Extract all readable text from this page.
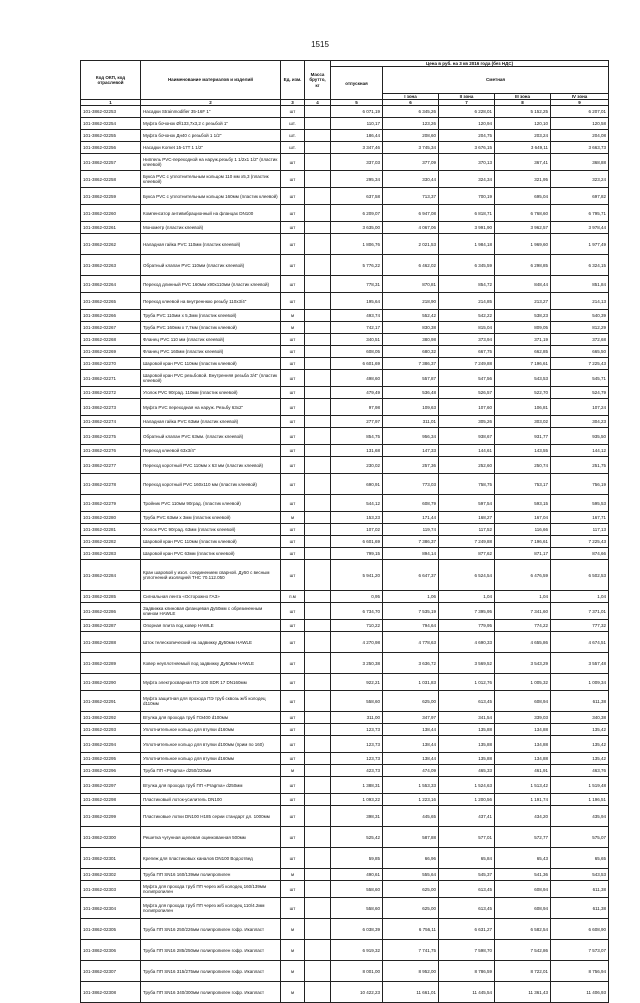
1515
Код ОКП, код отраслевой	Наименование материалов и изделий	Ед. изм.	Масса брутто, кг	Цена в руб. на 3 кв 2016 года (без НДС)				
				отпускная	Сметная			
					I зона	II зона	III зона	IV зона
1	2	3	4	5	6	7	8	9
101-3862-02253	Насадки Strainmodifier 35-16F 1"	шт		6 071,19	6 345,26	6 228,01	5 152,25	6 207,01
101-3862-02254	Муфта бочонок Ø/133,7x3,2 с резьбой 1"	шт.		110,17	123,26	120,94	120,10	120,58
101-3862-02255	Муфта бочонок Дн40 с резьбой 1 1/2"	шт.		186,44	208,60	204,75	203,24	204,08
101-3862-02256	Насадки Komet 15-17T 1 1/2"	шт.		3 347,46	3 745,34	3 676,15	3 649,11	3 663,73
101-3862-02257	Ниппель PVC-переходной на наруж.резьбу 1 1/2x1 1/2" (пластик клеевой)	шт		337,03	377,09	370,13	367,41	368,88
101-3862-02258	Букса PVC с уплотнительным кольцом 110 мм x5,3 (пластик клеевой)	шт		295,34	330,44	324,34	321,95	323,24
101-3862-02259	Букса PVC с уплотнительным кольцом 160мм (пластик клеевой)	шт		637,58	713,37	700,19	695,04	697,82
101-3862-02260	Компенсатор антивибрационный на фланцах DN100	шт		6 209,07	6 947,08	6 818,71	6 768,60	6 795,71
101-3862-02261	Монометр (пластик клеевой)	шт		3 635,00	4 067,06	3 991,90	3 962,57	3 978,44
101-3862-02262	Наладная гайка PVC 110мм (пластик клеевой)	шт		1 806,76	2 021,53	1 984,18	1 969,60	1 977,49
101-3862-02263	Обратный клапан PVC 110мм (пластик клеевой)	шт		5 776,22	6 462,02	6 345,59	6 298,85	6 324,15
101-3862-02264	Переход длинный PVC 160мм x90x110мм (пластик клеевой)	шт		778,31	870,81	854,72	848,44	851,84
101-3862-02265	Переход клеевой на внутреннюю резьбу 110x3/4"	шт		195,64	218,90	214,85	213,27	214,13
101-3862-02266	Труба PVC 110мм x 5,3мм (пластик клеевой)	м		493,74	552,42	542,22	538,23	540,39
101-3862-02267	Труба PVC 160мм x 7,7мм (пластик клеевой)	м		742,17	830,38	815,04	809,05	812,29
101-3862-02268	Фланец PVC 110 мм (пластик клеевой)	шт		340,51	380,98	373,94	371,19	372,68
101-3862-02269	Фланец PVC 160мм (пластик клеевой)	шт		608,05	680,32	667,75	662,85	665,50
101-3862-02270	Шаровой кран PVC 110мм (пластик клеевой)	шт		6 601,69	7 386,37	7 249,88	7 196,61	7 225,43
101-3862-02271	Шаровой кран PVC резьбовой. Внутренняя резьба 3/4" (пластик клеевой)	шт		498,60	557,87	547,56	543,53	545,71
101-3862-02272	Уголок PVC 90град. 110мм (пластик клеевой)	шт		479,49	536,48	526,57	522,70	524,79
101-3862-02273	Муфта PVC переходная на наруж. Резьбу 63x2"	шт		97,98	109,63	107,60	106,81	107,24
101-3862-02274	Наладная гайка PVC 63мм (пластик клеевой)	шт		277,97	311,01	305,26	303,02	304,23
101-3862-02275	Обратный клапан PVC 63мм. (пластик клеевой)	шт		854,75	956,34	938,67	931,77	935,50
101-3862-02276	Переход клеевой 63x3/4"	шт		131,68	147,33	144,61	143,55	144,12
101-3862-02277	Переход коротный PVC 110мм x 63 мм (пластик клеевой)	шт		230,02	257,36	252,60	250,74	251,75
101-3862-02278	Переход коротный PVC 160x110 мм (пластик клеевой)	шт		690,91	773,03	758,75	753,17	756,19
101-3862-02279	Тройник PVC 110мм 90град. (пластик клеевой)	шт		544,12	608,79	597,54	593,15	595,53
101-3862-02280	Труба PVC 63мм x 3мм (пластик клеевой)	м		153,23	171,44	168,27	167,04	167,71
101-3862-02281	Уголок PVC 90град. 63мм (пластик клеевой)	шт		107,02	119,74	117,52	116,66	117,13
101-3862-02282	Шаровой кран PVC 110мм (пластик клеевой)	шт		6 601,69	7 386,37	7 249,88	7 196,61	7 225,43
101-3862-02283	Шаровой кран PVC 63мм (пластик клеевой)	шт		799,15	894,14	877,62	871,17	874,66
101-3862-02284	Кран шаровой у изол. соединением сварной. Ду50 с весным уплотнений изоляцией ТНС 70.112.050	шт		5 941,20	6 647,37	6 524,54	6 476,59	6 502,53
101-3862-02285	Сигнальная лента «Осторожно ГАЗ»	п.м		0,95	1,06	1,04	1,04	1,04
101-3862-02286	Задвижка клиновая фланцевая Ду50мм с обрезиненным клином HAWLE	шт		6 734,70	7 535,19	7 395,95	7 341,60	7 371,01
101-3862-02287	Опорная плита под ковер HAWLE	шт		710,22	794,64	779,95	774,22	777,32
101-3862-02288	Шток телескопический на задвижку Ду50мм HAWLE	шт		4 270,98	4 778,63	4 690,33	4 655,86	4 674,51
101-3862-02289	Ковер неуплотняемый под задвижку Ду50мм HAWLE	шт		3 250,38	3 636,72	3 569,52	3 543,29	3 557,48
101-3862-02290	Муфта электросварная ПЭ 100 SDR 17 DN160мм	шт		922,21	1 031,83	1 012,76	1 005,32	1 009,34
101-3862-02291	Муфта защитная для прохода ПЭ труб сквозь ж/б колодец d110мм	шт		558,60	625,00	613,45	608,94	611,38
101-3862-02292	Втулка для прохода труб ПЭ400 d100мм	шт		311,00	347,97	341,54	339,03	340,38
101-3862-02293	Уплотнительное кольцо для втулки d160мм	шт		123,73	138,44	135,88	134,88	135,42
101-3862-02294	Уплотнительное кольцо для втулки d100мм (прим по 160)	шт		123,73	138,44	135,88	134,88	135,42
101-3862-02295	Уплотнительное кольцо для втулки d160мм	шт		123,73	138,44	135,88	134,88	135,42
101-3862-02296	Труба ПП «Pragma» d250/220мм	м		423,73	474,09	465,33	461,91	463,76
101-3862-02297	Втулка для прохода труб ПП «Pragma» d250мм	шт		1 388,31	1 553,33	1 524,63	1 513,42	1 519,48
101-3862-02298	Пластиковый лоток-усилитель DN100	шт		1 093,22	1 223,16	1 200,56	1 191,74	1 196,51
101-3862-02299	Пластиковые лотки DN100 Н185 серии стандарт дл. 1000мм	шт		398,31	445,65	437,41	434,20	435,94
101-3862-02300	Решетка чугунная щелевая оцинкованная 500мм	шт		525,42	587,88	577,01	572,77	575,07
101-3862-02301	Крепеж для пластиковых каналов DN100 Водоотвед	шт		59,85	66,96	65,84	65,43	65,65
101-3862-02302	Труба ПП SN16 160/139мм полипропилен	м		490,61	555,64	545,37	541,36	543,53
101-3862-02303	Муфта для прохода труб ПП через ж/б колодец 160/139мм полипропилен	шт		558,60	625,00	613,45	608,94	611,38
101-3862-02304	Муфта для прохода труб ПП через ж/б колодец 110/4.2мм полипропилен	шт		558,60	625,00	613,45	608,94	611,38
101-3862-02305	Труба ПП SN16 250/226мм полипропилен гофр. Икапласт	м		6 038,39	6 756,11	6 631,27	6 582,54	6 608,90
101-3862-02306	Труба ПП SN16 285/250мм полипропилен гофр. Икапласт	м		6 919,32	7 741,75	7 598,70	7 542,86	7 573,07
101-3862-02307	Труба ПП SN16 315/275мм полипропилен гофр. Икапласт	м		8 001,00	8 952,00	8 786,59	8 722,01	8 756,94
101-3862-02308	Труба ПП SN16 340/300мм полипропилен гофр. Икапласт	м		10 422,23	11 661,01	11 445,54	11 361,43	11 406,93
